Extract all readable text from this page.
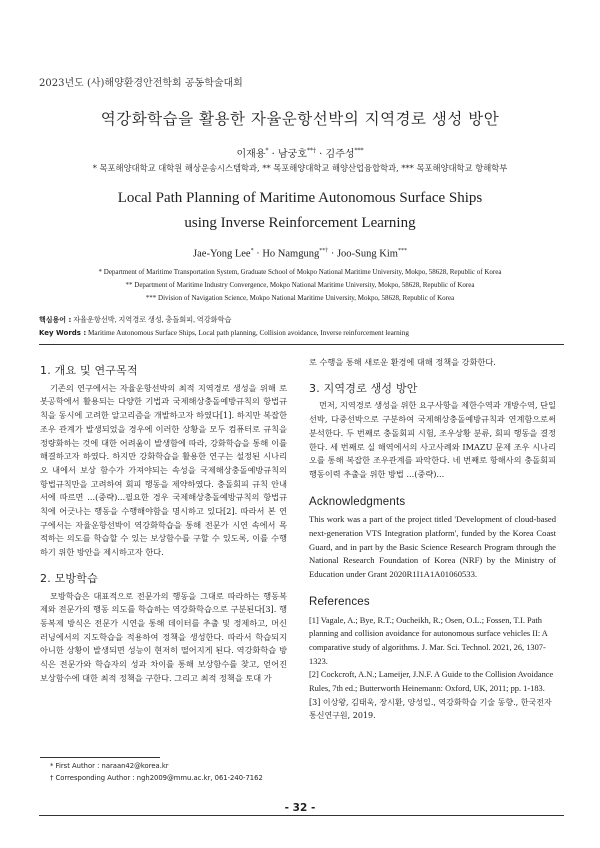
2023년도 (사)해양환경안전학회 공동학술대회
역강화학습을 활용한 자율운항선박의 지역경로 생성 방안
이재용* · 남궁호**† · 김주성***
* 목포해양대학교 대학원 해상운송시스템학과, ** 목포해양대학교 해양산업융합학과, *** 목포해양대학교 항해학부
Local Path Planning of Maritime Autonomous Surface Ships
using Inverse Reinforcement Learning
Jae-Yong Lee* · Ho Namgung**† · Joo-Sung Kim***
* Department of Maritime Transportation System, Graduate School of Mokpo National Maritime University, Mokpo, 58628, Republic of Korea
** Department of Maritime Industry Convergence, Mokpo National Maritime University, Mokpo, 58628, Republic of Korea
*** Division of Navigation Science, Mokpo National Maritime University, Mokpo, 58628, Republic of Korea
핵심용어 : 자율운항선박, 지역경로 생성, 충돌회피, 역강화학습
Key Words : Maritime Autonomous Surface Ships, Local path planning, Collision avoidance, Inverse reinforcement learning
1. 개요 및 연구목적

기존의 연구에서는 자율운항선박의 최적 지역경로 생성을 위해 로봇공학에서 활용되는 다양한 기법과 국제해상충돌예방규칙의 항법규칙을 동시에 고려한 알고리즘을 개발하고자 하였다[1]. 하지만 복잡한 조우 관계가 발생되었을 경우에 이러한 상황을 모두 컴퓨터로 규칙을 정량화하는 것에 대한 어려움이 발생함에 따라, 강화학습을 통해 이를 해결하고자 하였다. 하지만 강화학습을 활용한 연구는 설정된 시나리오 내에서 보상 함수가 가져야되는 속성을 국제해상충돌예방규칙의 항법규칙만을 고려하여 회피 행동을 제약하였다. 충돌회피 규칙 안내서에 따르면 ...(중략)...필요한 경우 국제해상충돌예방규칙의 항법규칙에 어긋나는 행동을 수행해야함을 명시하고 있다[2]. 따라서 본 연구에서는 자율운항선박이 역강화학습을 통해 전문가 시연 속에서 목적하는 의도를 학습할 수 있는 보상함수를 구할 수 있도록, 이를 수행하기 위한 방안을 제시하고자 한다.

2. 모방학습

모방학습은 대표적으로 전문가의 행동을 그대로 따라하는 행동복제와 전문가의 행동 의도를 학습하는 역강화학습으로 구분된다[3]. 행동복제 방식은 전문가 시연을 통해 데이터를 추출 및 정제하고, 머신러닝에서의 지도학습을 적용하여 정책을 생성한다. 따라서 학습되지 아니한 상황이 발생되면 성능이 현저히 떨어지게 된다. 역강화학습 방식은 전문가와 학습자의 성과 차이를 통해 보상함수를 찾고, 얻어진 보상함수에 대한 최적 정책을 구한다. 그리고 최적 정책을 토대 가

로 수행을 통해 새로운 환경에 대해 정책을 강화한다.

3. 지역경로 생성 방안

먼저, 지역경로 생성을 위한 요구사항을 제한수역과 개방수역, 단일선박, 다중선박으로 구분하여 국제해상충돌예방규칙과 연계함으로써 분석한다. 두 번째로 충돌회피 시험, 조우상황 분류, 회피 행동을 결정한다. 세 번째로 실 해역에서의 사고사례와 IMAZU 문제 조우 시나리오를 통해 복잡한 조우관계를 파악한다. 네 번째로 항해사의 충돌회피 행동이력 추출을 위한 방법 ...(중략)...

Acknowledgments

This work was a part of the project titled 'Development of cloud-based next-generation VTS Integration platform', funded by the Korea Coast Guard, and in part by the Basic Science Research Program through the National Research Foundation of Korea (NRF) by the Ministry of Education under Grant 2020R1I1A1A01060533.

References
[1] Vagale, A.; Bye, R.T.; Oucheikh, R.; Osen, O.L.; Fossen, T.I. Path planning and collision avoidance for autonomous surface vehicles II: A comparative study of algorithms. J. Mar. Sci. Technol. 2021, 26, 1307-1323.
[2] Cockcroft, A.N.; Lameijer, J.N.F. A Guide to the Collision Avoidance Rules, 7th ed.; Butterworth Heinemann: Oxford, UK, 2011; pp. 1-183.
[3] 이상왕, 김태욱, 장시환, 양성일., 역강화학습 기술 동향., 한국전자통신연구원, 2019.
* First Author : naraan42@korea.kr
† Corresponding Author : ngh2009@mmu.ac.kr, 061-240-7162
- 32 -
